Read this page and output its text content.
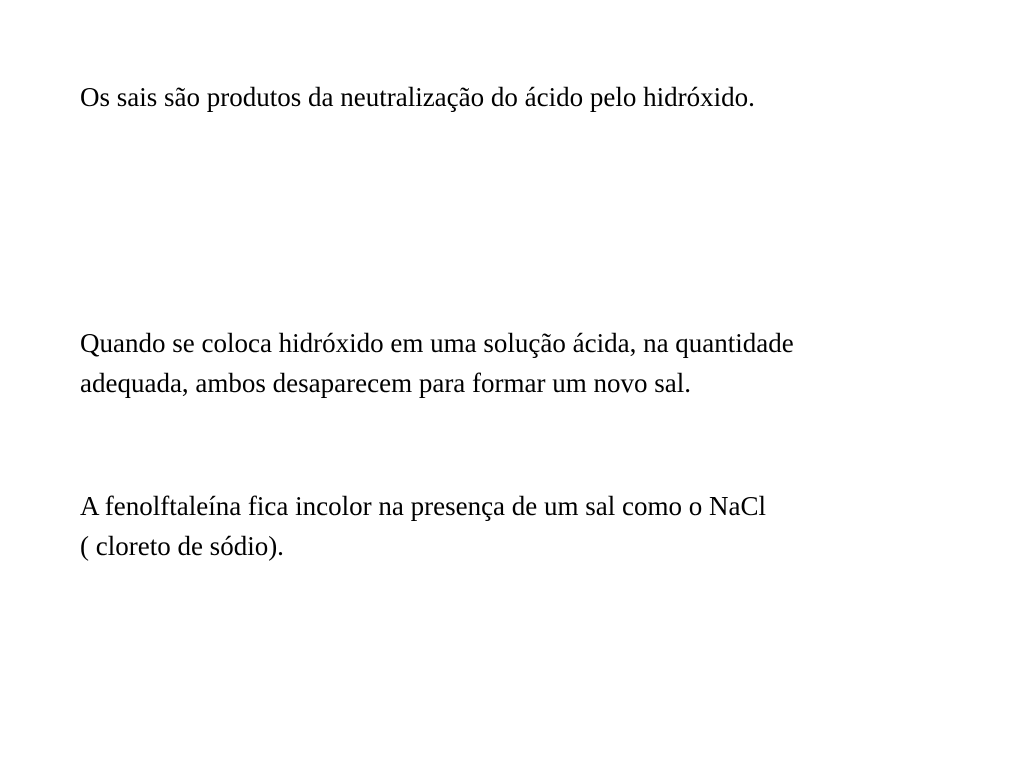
Os sais são produtos da neutralização do ácido pelo hidróxido.

Quando se coloca hidróxido em uma solução ácida, na quantidade
adequada, ambos desaparecem para formar um novo sal.

A fenolftaleína fica incolor na presença de um sal como o NaCl
( cloreto de sódio).
